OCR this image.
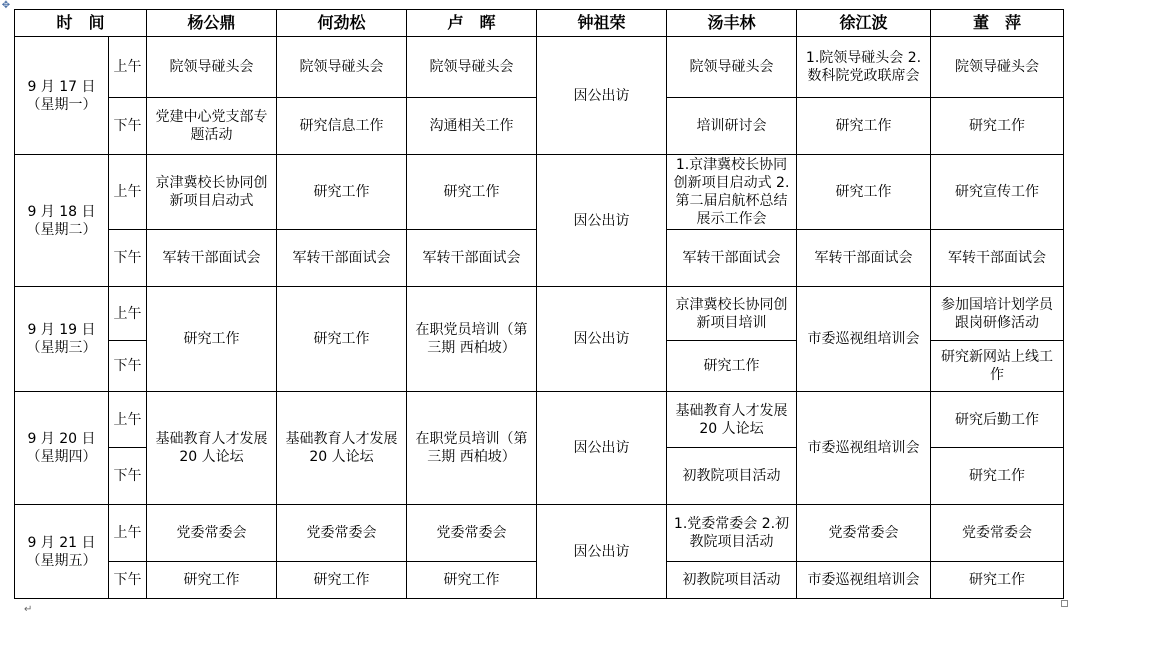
✥
时　间		杨公鼎	何劲松	卢　晖	钟祖荣	汤丰林	徐江波	董　萍

9 月 17 日
（星期一）	上午	院领导碰头会	院领导碰头会	院领导碰头会	因公出访	院领导碰头会	1.院领导碰头会 2.数科院党政联席会	院领导碰头会
	下午	党建中心党支部专题活动	研究信息工作	沟通相关工作		培训研讨会	研究工作	研究工作

9 月 18 日
（星期二）	上午	京津冀校长协同创新项目启动式	研究工作	研究工作	因公出访	1.京津冀校长协同创新项目启动式 2.第二届启航杯总结展示工作会	研究工作	研究宣传工作
	下午	军转干部面试会	军转干部面试会	军转干部面试会		军转干部面试会	军转干部面试会	军转干部面试会

9 月 19 日
（星期三）	上午	研究工作	研究工作	在职党员培训（第三期 西柏坡）	因公出访	京津冀校长协同创新项目培训	市委巡视组培训会	参加国培计划学员跟岗研修活动
	下午					研究工作		研究新网站上线工作

9 月 20 日
（星期四）	上午	基础教育人才发展 20 人论坛	基础教育人才发展 20 人论坛	在职党员培训（第三期 西柏坡）	因公出访	基础教育人才发展 20 人论坛	市委巡视组培训会	研究后勤工作
	下午					初教院项目活动		研究工作

9 月 21 日
（星期五）	上午	党委常委会	党委常委会	党委常委会	因公出访	1.党委常委会 2.初教院项目活动	党委常委会	党委常委会
	下午	研究工作	研究工作	研究工作		初教院项目活动	市委巡视组培训会	研究工作
↵
